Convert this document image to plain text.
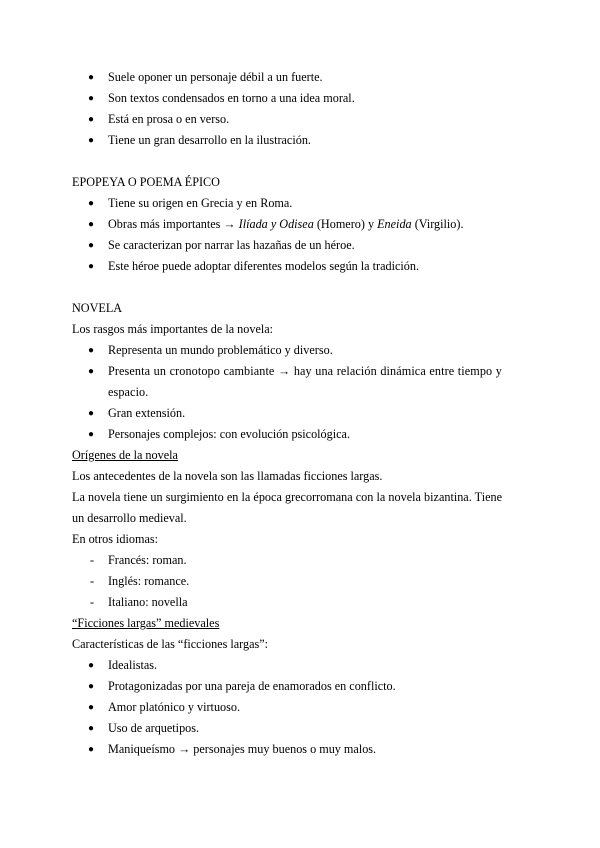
● Suele oponer un personaje débil a un fuerte.
● Son textos condensados en torno a una idea moral.
● Está en prosa o en verso.
● Tiene un gran desarrollo en la ilustración.
EPOPEYA O POEMA ÉPICO
● Tiene su origen en Grecia y en Roma.
● Obras más importantes → Ilíada y Odisea (Homero) y Eneida (Virgilio).
● Se caracterizan por narrar las hazañas de un héroe.
● Este héroe puede adoptar diferentes modelos según la tradición.
NOVELA
Los rasgos más importantes de la novela:
● Representa un mundo problemático y diverso.
● Presenta un cronotopo cambiante → hay una relación dinámica entre tiempo y espacio.
● Gran extensión.
● Personajes complejos: con evolución psicológica.
Orígenes de la novela
Los antecedentes de la novela son las llamadas ficciones largas.
La novela tiene un surgimiento en la época grecorromana con la novela bizantina. Tiene un desarrollo medieval.
En otros idiomas:
- Francés: roman.
- Inglés: romance.
- Italiano: novella
“Ficciones largas” medievales
Características de las “ficciones largas”:
● Idealistas.
● Protagonizadas por una pareja de enamorados en conflicto.
● Amor platónico y virtuoso.
● Uso de arquetipos.
● Maniqueísmo → personajes muy buenos o muy malos.
